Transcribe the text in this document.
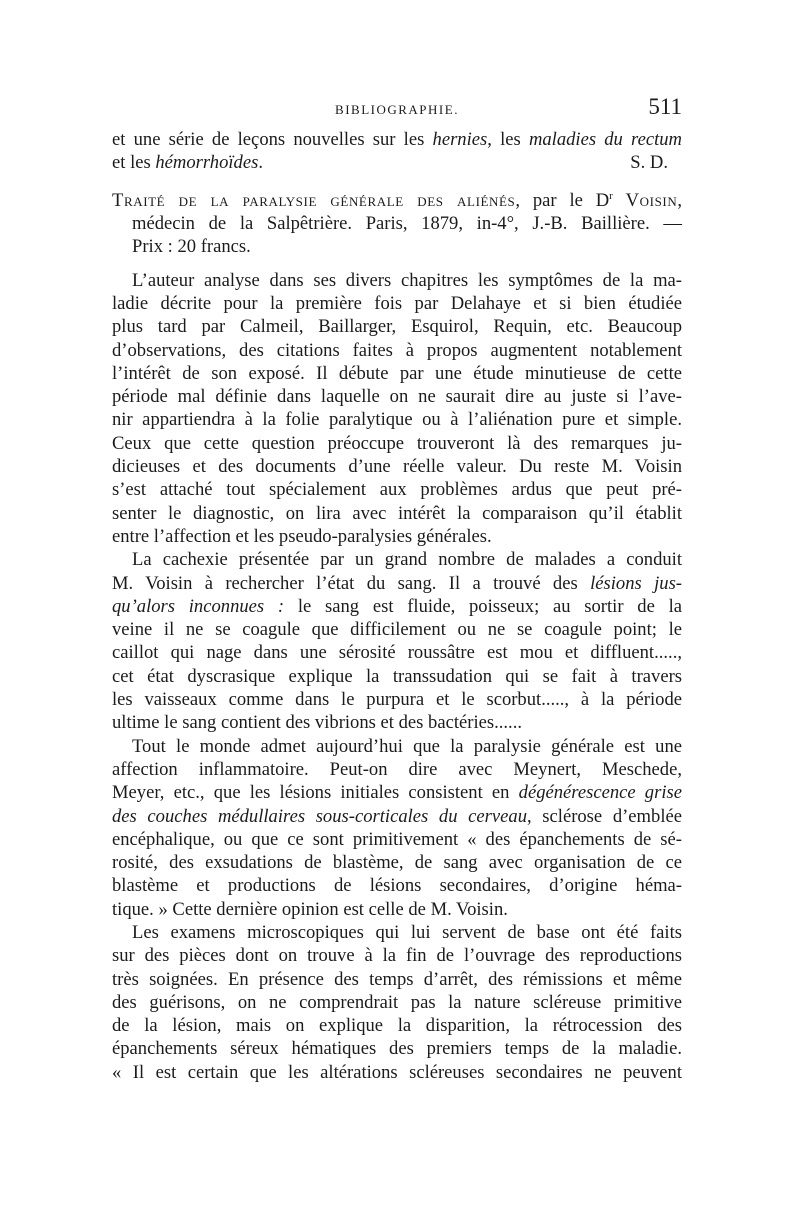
BIBLIOGRAPHIE.	511
et une série de leçons nouvelles sur les hernies, les maladies du rectum
et les hémorrhoïdes.	S. D.
Traité de la paralysie générale des aliénés, par le $D^r$ Voisin,
médecin de la Salpêtrière. Paris, 1879, in-4°, J.-B. Baillière. —
Prix : 20 francs.
L’auteur analyse dans ses divers chapitres les symptômes de la ma-
ladie décrite pour la première fois par Delahaye et si bien étudiée
plus tard par Calmeil, Baillarger, Esquirol, Requin, etc. Beaucoup
d’observations, des citations faites à propos augmentent notablement
l’intérêt de son exposé. Il débute par une étude minutieuse de cette
période mal définie dans laquelle on ne saurait dire au juste si l’ave-
nir appartiendra à la folie paralytique ou à l’aliénation pure et simple.
Ceux que cette question préoccupe trouveront là des remarques ju-
dicieuses et des documents d’une réelle valeur. Du reste M. Voisin
s’est attaché tout spécialement aux problèmes ardus que peut pré-
senter le diagnostic, on lira avec intérêt la comparaison qu’il établit
entre l’affection et les pseudo-paralysies générales.
La cachexie présentée par un grand nombre de malades a conduit
M. Voisin à rechercher l’état du sang. Il a trouvé des lésions jus-
qu’alors inconnues : le sang est fluide, poisseux; au sortir de la
veine il ne se coagule que difficilement ou ne se coagule point; le
caillot qui nage dans une sérosité roussâtre est mou et diffluent.....,
cet état dyscrasique explique la transsudation qui se fait à travers
les vaisseaux comme dans le purpura et le scorbut....., à la période
ultime le sang contient des vibrions et des bactéries......
Tout le monde admet aujourd’hui que la paralysie générale est une
affection inflammatoire. Peut-on dire avec Meynert, Meschede,
Meyer, etc., que les lésions initiales consistent en dégénérescence grise
des couches médullaires sous-corticales du cerveau, sclérose d’emblée
encéphalique, ou que ce sont primitivement « des épanchements de sé-
rosité, des exsudations de blastème, de sang avec organisation de ce
blastème et productions de lésions secondaires, d’origine héma-
tique. » Cette dernière opinion est celle de M. Voisin.
Les examens microscopiques qui lui servent de base ont été faits
sur des pièces dont on trouve à la fin de l’ouvrage des reproductions
très soignées. En présence des temps d’arrêt, des rémissions et même
des guérisons, on ne comprendrait pas la nature scléreuse primitive
de la lésion, mais on explique la disparition, la rétrocession des
épanchements séreux hématiques des premiers temps de la maladie.
« Il est certain que les altérations scléreuses secondaires ne peuvent
